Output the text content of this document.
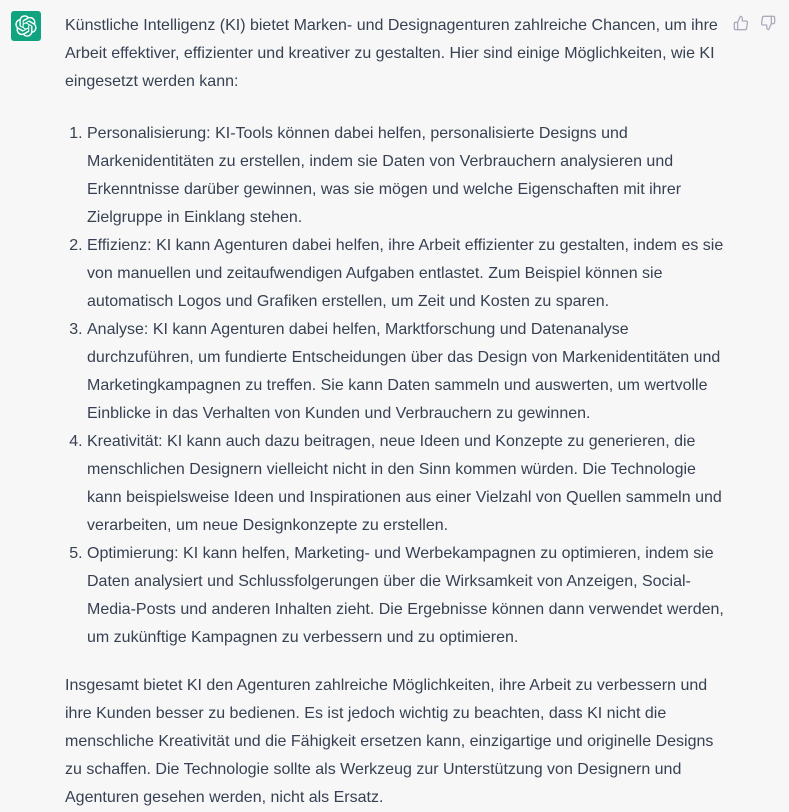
Künstliche Intelligenz (KI) bietet Marken- und Designagenturen zahlreiche Chancen, um ihre Arbeit effektiver, effizienter und kreativer zu gestalten. Hier sind einige Möglichkeiten, wie KI eingesetzt werden kann:

1. Personalisierung: KI-Tools können dabei helfen, personalisierte Designs und Markenidentitäten zu erstellen, indem sie Daten von Verbrauchern analysieren und Erkenntnisse darüber gewinnen, was sie mögen und welche Eigenschaften mit ihrer Zielgruppe in Einklang stehen.
2. Effizienz: KI kann Agenturen dabei helfen, ihre Arbeit effizienter zu gestalten, indem es sie von manuellen und zeitaufwendigen Aufgaben entlastet. Zum Beispiel können sie automatisch Logos und Grafiken erstellen, um Zeit und Kosten zu sparen.
3. Analyse: KI kann Agenturen dabei helfen, Marktforschung und Datenanalyse durchzuführen, um fundierte Entscheidungen über das Design von Markenidentitäten und Marketingkampagnen zu treffen. Sie kann Daten sammeln und auswerten, um wertvolle Einblicke in das Verhalten von Kunden und Verbrauchern zu gewinnen.
4. Kreativität: KI kann auch dazu beitragen, neue Ideen und Konzepte zu generieren, die menschlichen Designern vielleicht nicht in den Sinn kommen würden. Die Technologie kann beispielsweise Ideen und Inspirationen aus einer Vielzahl von Quellen sammeln und verarbeiten, um neue Designkonzepte zu erstellen.
5. Optimierung: KI kann helfen, Marketing- und Werbekampagnen zu optimieren, indem sie Daten analysiert und Schlussfolgerungen über die Wirksamkeit von Anzeigen, Social-Media-Posts und anderen Inhalten zieht. Die Ergebnisse können dann verwendet werden, um zukünftige Kampagnen zu verbessern und zu optimieren.

Insgesamt bietet KI den Agenturen zahlreiche Möglichkeiten, ihre Arbeit zu verbessern und ihre Kunden besser zu bedienen. Es ist jedoch wichtig zu beachten, dass KI nicht die menschliche Kreativität und die Fähigkeit ersetzen kann, einzigartige und originelle Designs zu schaffen. Die Technologie sollte als Werkzeug zur Unterstützung von Designern und Agenturen gesehen werden, nicht als Ersatz.
